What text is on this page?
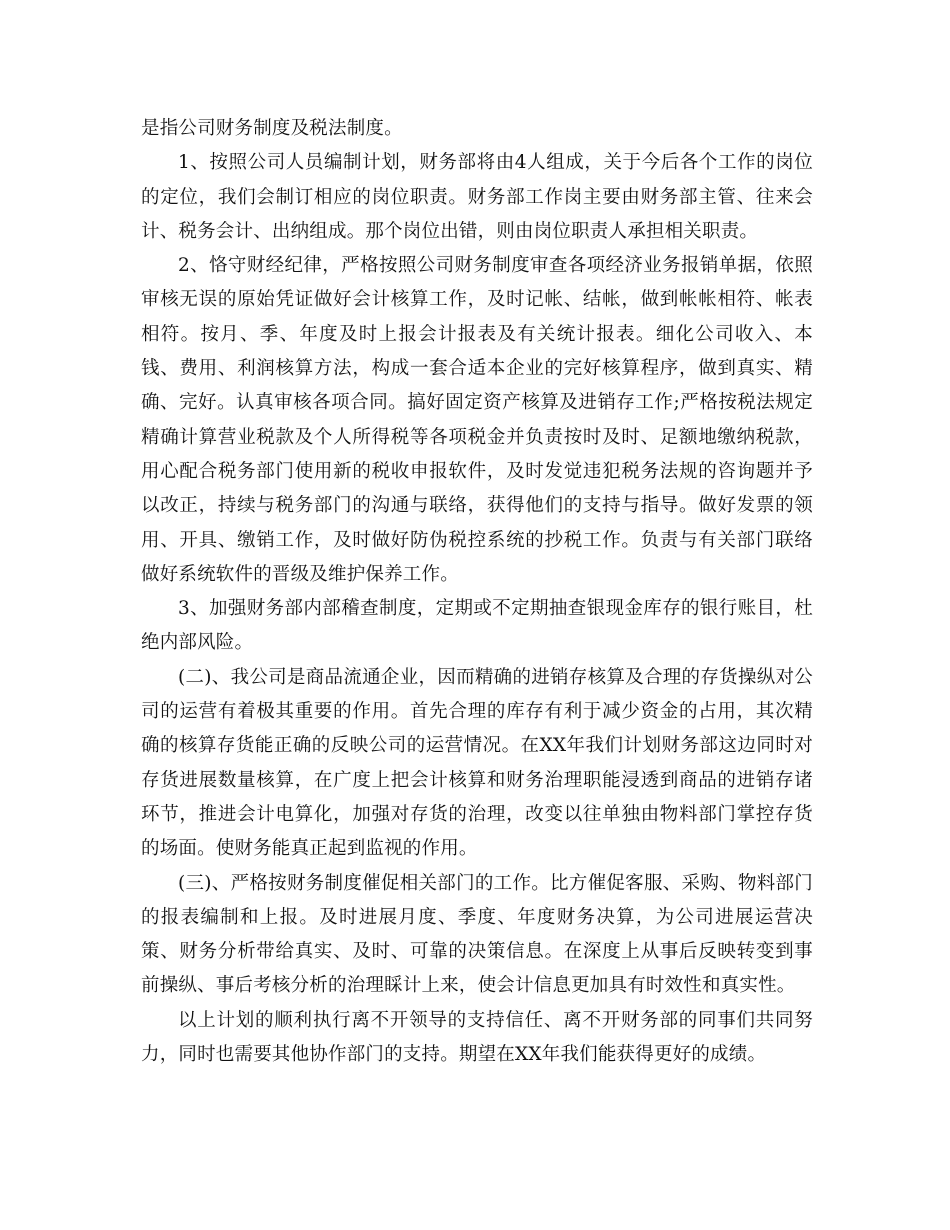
是指公司财务制度及税法制度。

1、按照公司人员编制计划，财务部将由4人组成，关于今后各个工作的岗位的定位，我们会制订相应的岗位职责。财务部工作岗主要由财务部主管、往来会计、税务会计、出纳组成。那个岗位出错，则由岗位职责人承担相关职责。

2、恪守财经纪律，严格按照公司财务制度审查各项经济业务报销单据，依照审核无误的原始凭证做好会计核算工作，及时记帐、结帐，做到帐帐相符、帐表相符。按月、季、年度及时上报会计报表及有关统计报表。细化公司收入、本钱、费用、利润核算方法，构成一套合适本企业的完好核算程序，做到真实、精确、完好。认真审核各项合同。搞好固定资产核算及进销存工作;严格按税法规定精确计算营业税款及个人所得税等各项税金并负责按时及时、足额地缴纳税款，用心配合税务部门使用新的税收申报软件，及时发觉违犯税务法规的咨询题并予以改正，持续与税务部门的沟通与联络，获得他们的支持与指导。做好发票的领用、开具、缴销工作，及时做好防伪税控系统的抄税工作。负责与有关部门联络做好系统软件的晋级及维护保养工作。

3、加强财务部内部稽查制度，定期或不定期抽查银现金库存的银行账目，杜绝内部风险。

(二)、我公司是商品流通企业，因而精确的进销存核算及合理的存货操纵对公司的运营有着极其重要的作用。首先合理的库存有利于减少资金的占用，其次精确的核算存货能正确的反映公司的运营情况。在XX年我们计划财务部这边同时对存货进展数量核算，在广度上把会计核算和财务治理职能浸透到商品的进销存诸环节，推进会计电算化，加强对存货的治理，改变以往单独由物料部门掌控存货的场面。使财务能真正起到监视的作用。

(三)、严格按财务制度催促相关部门的工作。比方催促客服、采购、物料部门的报表编制和上报。及时进展月度、季度、年度财务决算，为公司进展运营决策、财务分析带给真实、及时、可靠的决策信息。在深度上从事后反映转变到事前操纵、事后考核分析的治理睬计上来，使会计信息更加具有时效性和真实性。

以上计划的顺利执行离不开领导的支持信任、离不开财务部的同事们共同努力，同时也需要其他协作部门的支持。期望在XX年我们能获得更好的成绩。
